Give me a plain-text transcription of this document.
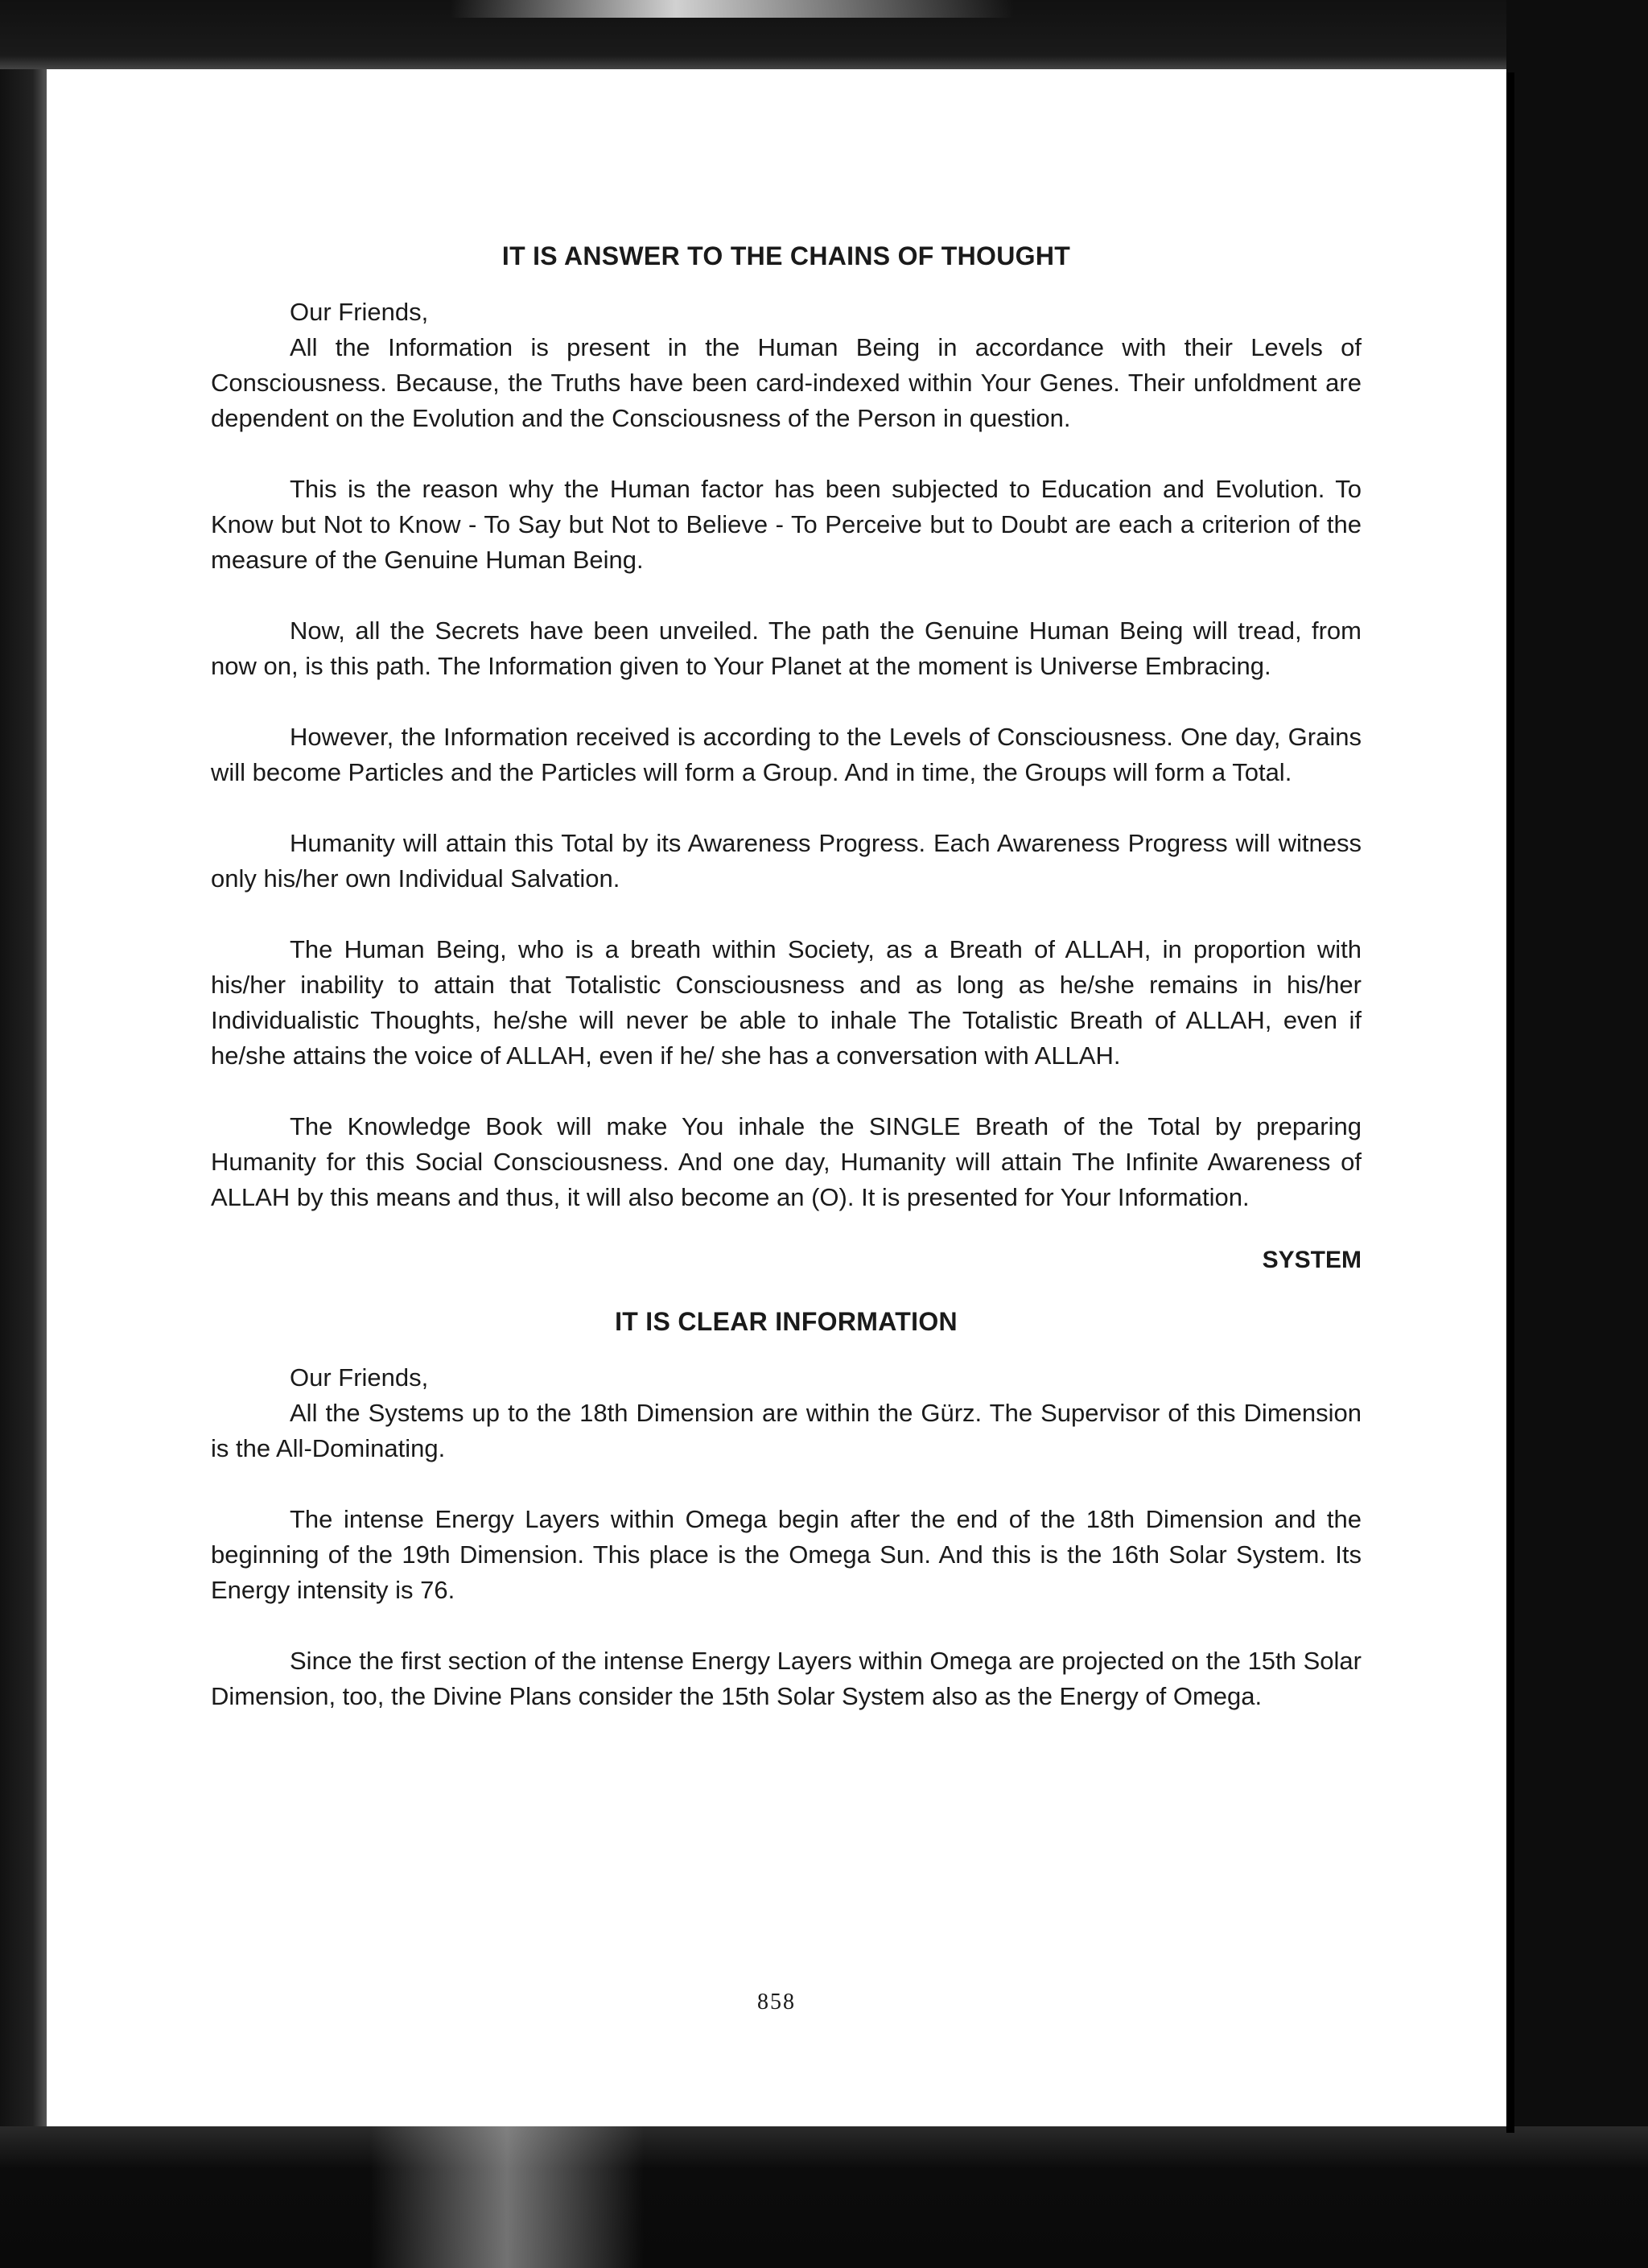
IT IS ANSWER TO THE CHAINS OF THOUGHT
Our Friends,

All the Information is present in the Human Being in accordance with their Levels of Consciousness. Because, the Truths have been card-indexed within Your Genes. Their unfoldment are dependent on the Evolution and the Consciousness of the Person in question.

This is the reason why the Human factor has been subjected to Education and Evolution. To Know but Not to Know - To Say but Not to Believe - To Perceive but to Doubt are each a criterion of the measure of the Genuine Human Being.

Now, all the Secrets have been unveiled. The path the Genuine Human Being will tread, from now on, is this path. The Information given to Your Planet at the moment is Universe Embracing.

However, the Information received is according to the Levels of Consciousness. One day, Grains will become Particles and the Particles will form a Group. And in time, the Groups will form a Total.

Humanity will attain this Total by its Awareness Progress. Each Awareness Progress will witness only his/her own Individual Salvation.

The Human Being, who is a breath within Society, as a Breath of ALLAH, in proportion with his/her inability to attain that Totalistic Consciousness and as long as he/she remains in his/her Individualistic Thoughts, he/she will never be able to inhale The Totalistic Breath of ALLAH, even if he/she attains the voice of ALLAH, even if he/ she has a conversation with ALLAH.

The Knowledge Book will make You inhale the SINGLE Breath of the Total by preparing Humanity for this Social Consciousness. And one day, Humanity will attain The Infinite Awareness of ALLAH by this means and thus, it will also become an (O). It is presented for Your Information.

SYSTEM
IT IS CLEAR INFORMATION
Our Friends,

All the Systems up to the 18th Dimension are within the Gürz. The Supervisor of this Dimension is the All-Dominating.

The intense Energy Layers within Omega begin after the end of the 18th Dimension and the beginning of the 19th Dimension. This place is the Omega Sun. And this is the 16th Solar System. Its Energy intensity is 76.

Since the first section of the intense Energy Layers within Omega are projected on the 15th Solar Dimension, too, the Divine Plans consider the 15th Solar System also as the Energy of Omega.

858
